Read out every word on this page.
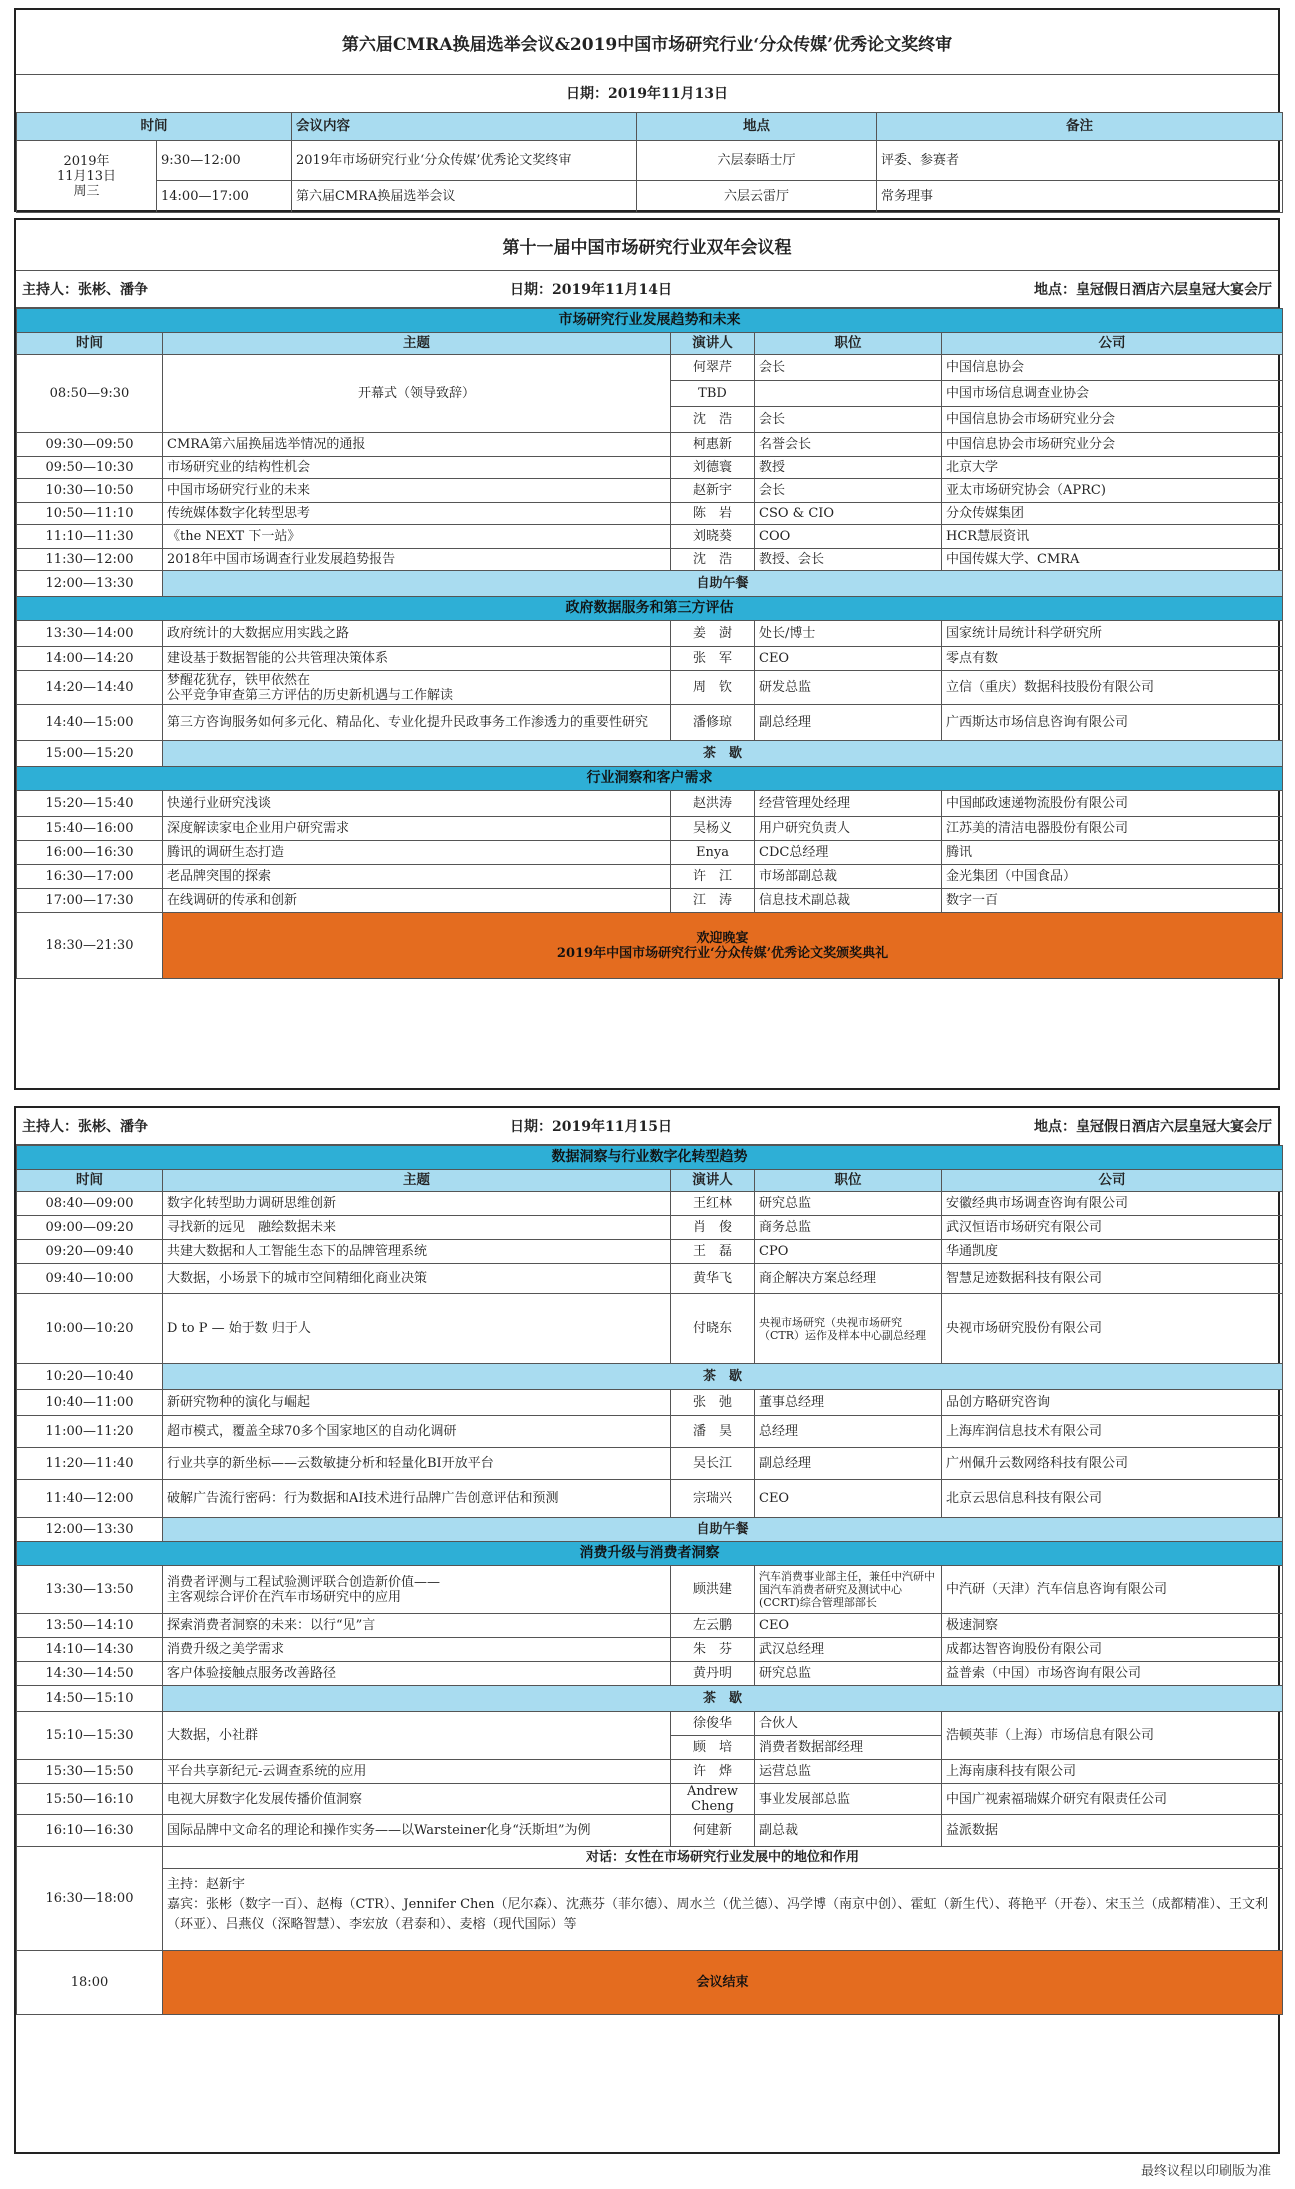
第六届CMRA换届选举会议&2019中国市场研究行业‘分众传媒’优秀论文奖终审
日期：2019年11月13日
时间		会议内容	地点	备注
2019年
11月13日
周三	9:30—12:00	2019年市场研究行业‘分众传媒’优秀论文奖终审	六层泰晤士厅	评委、参赛者
	14:00—17:00	第六届CMRA换届选举会议	六层云雷厅	常务理事
第十一届中国市场研究行业双年会议程
主持人：张彬、潘争	日期：2019年11月14日	地点：皇冠假日酒店六层皇冠大宴会厅
市场研究行业发展趋势和未来				
时间	主题	演讲人	职位	公司
08:50—9:30	开幕式（领导致辞）	何翠芹	会长	中国信息协会
		TBD		中国市场信息调查业协会
		沈　浩	会长	中国信息协会市场研究业分会
09:30—09:50	CMRA第六届换届选举情况的通报	柯惠新	名誉会长	中国信息协会市场研究业分会
09:50—10:30	市场研究业的结构性机会	刘德寰	教授	北京大学
10:30—10:50	中国市场研究行业的未来	赵新宇	会长	亚太市场研究协会（APRC)
10:50—11:10	传统媒体数字化转型思考	陈　岩	CSO & CIO	分众传媒集团
11:10—11:30	《the NEXT 下一站》	刘晓葵	COO	HCR慧辰资讯
11:30—12:00	2018年中国市场调查行业发展趋势报告	沈　浩	教授、会长	中国传媒大学、CMRA
12:00—13:30	自助午餐			
政府数据服务和第三方评估				
13:30—14:00	政府统计的大数据应用实践之路	姜　澍	处长/博士	国家统计局统计科学研究所
14:00—14:20	建设基于数据智能的公共管理决策体系	张　军	CEO	零点有数
14:20—14:40	梦醒花犹存，铁甲依然在
公平竞争审查第三方评估的历史新机遇与工作解读	周　钦	研发总监	立信（重庆）数据科技股份有限公司
14:40—15:00	第三方咨询服务如何多元化、精品化、专业化提升民政事务工作渗透力的重要性研究	潘修琼	副总经理	广西斯达市场信息咨询有限公司
15:00—15:20	茶　歇			
行业洞察和客户需求				
15:20—15:40	快递行业研究浅谈	赵洪涛	经营管理处经理	中国邮政速递物流股份有限公司
15:40—16:00	深度解读家电企业用户研究需求	吴杨义	用户研究负责人	江苏美的清洁电器股份有限公司
16:00—16:30	腾讯的调研生态打造	Enya	CDC总经理	腾讯
16:30—17:00	老品牌突围的探索	许　江	市场部副总裁	金光集团（中国食品）
17:00—17:30	在线调研的传承和创新	江　涛	信息技术副总裁	数字一百
18:30—21:30	欢迎晚宴
2019年中国市场研究行业‘分众传媒’优秀论文奖颁奖典礼			
主持人：张彬、潘争	日期：2019年11月15日	地点：皇冠假日酒店六层皇冠大宴会厅
数据洞察与行业数字化转型趋势				
时间	主题	演讲人	职位	公司
08:40—09:00	数字化转型助力调研思维创新	王红林	研究总监	安徽经典市场调查咨询有限公司
09:00—09:20	寻找新的远见　融绘数据未来	肖　俊	商务总监	武汉恒语市场研究有限公司
09:20—09:40	共建大数据和人工智能生态下的品牌管理系统	王　磊	CPO	华通凯度
09:40—10:00	大数据，小场景下的城市空间精细化商业决策	黄华飞	商企解决方案总经理	智慧足迹数据科技有限公司
10:00—10:20	D to P — 始于数 归于人	付晓东	央视市场研究（央视市场研究（CTR）运作及样本中心副总经理	央视市场研究股份有限公司
10:20—10:40	茶　歇			
10:40—11:00	新研究物种的演化与崛起	张　弛	董事总经理	品创方略研究咨询
11:00—11:20	超市模式，覆盖全球70多个国家地区的自动化调研	潘　昊	总经理	上海库润信息技术有限公司
11:20—11:40	行业共享的新坐标——云数敏捷分析和轻量化BI开放平台	吴长江	副总经理	广州佩升云数网络科技有限公司
11:40—12:00	破解广告流行密码：行为数据和AI技术进行品牌广告创意评估和预测	宗瑞兴	CEO	北京云思信息科技有限公司
12:00—13:30	自助午餐			
消费升级与消费者洞察				
13:30—13:50	消费者评测与工程试验测评联合创造新价值——
主客观综合评价在汽车市场研究中的应用	顾洪建	汽车消费事业部主任，兼任中汽研中国汽车消费者研究及测试中心(CCRT)综合管理部部长	中汽研（天津）汽车信息咨询有限公司
13:50—14:10	探索消费者洞察的未来：以行“见”言	左云鹏	CEO	极速洞察
14:10—14:30	消费升级之美学需求	朱　芬	武汉总经理	成都达智咨询股份有限公司
14:30—14:50	客户体验接触点服务改善路径	黄丹明	研究总监	益普索（中国）市场咨询有限公司
14:50—15:10	茶　歇			
15:10—15:30	大数据，小社群	徐俊华	合伙人	浩顿英菲（上海）市场信息有限公司
		顾　培	消费者数据部经理	
15:30—15:50	平台共享新纪元-云调查系统的应用	许　烨	运营总监	上海南康科技有限公司
15:50—16:10	电视大屏数字化发展传播价值洞察	Andrew Cheng	事业发展部总监	中国广视索福瑞媒介研究有限责任公司
16:10—16:30	国际品牌中文命名的理论和操作实务——以Warsteiner化身“沃斯坦”为例	何建新	副总裁	益派数据
16:30—18:00	对话：女性在市场研究行业发展中的地位和作用			

	主持：赵新宇
嘉宾：张彬（数字一百）、赵梅（CTR）、Jennifer Chen（尼尔森）、沈燕芬（菲尔德）、周水兰（优兰德）、冯学博（南京中创）、霍虹（新生代）、蒋艳平（开卷）、宋玉兰（成都精准）、王文利（环亚）、吕燕仪（深略智慧）、李宏放（君泰和）、麦榕（现代国际）等			

18:00	会议结束			
最终议程以印刷版为准
